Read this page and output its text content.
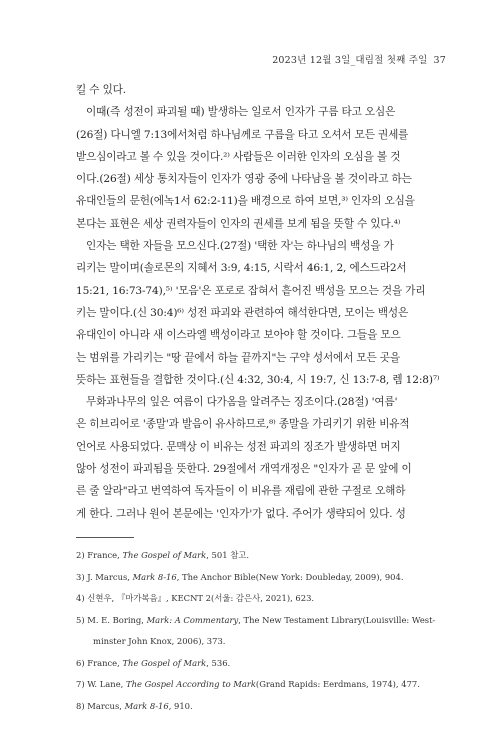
2023년 12월 3일_대림절 첫째 주일 37
킬 수 있다.
이때(즉 성전이 파괴될 때) 발생하는 일로서 인자가 구름 타고 오심은
(26절) 다니엘 7:13에서처럼 하나님께로 구름을 타고 오셔서 모든 권세를
받으심이라고 볼 수 있을 것이다.²⁾ 사람들은 이러한 인자의 오심을 볼 것
이다.(26절) 세상 통치자들이 인자가 영광 중에 나타남을 볼 것이라고 하는
유대인들의 문헌(에녹1서 62:2-11)을 배경으로 하여 보면,³⁾ 인자의 오심을
본다는 표현은 세상 권력자들이 인자의 권세를 보게 됨을 뜻할 수 있다.⁴⁾
인자는 택한 자들을 모으신다.(27절) '택한 자'는 하나님의 백성을 가
리키는 말이며(솔로몬의 지혜서 3:9, 4:15, 시락서 46:1, 2, 에스드라2서
15:21, 16:73-74),⁵⁾ '모음'은 포로로 잡혀서 흩어진 백성을 모으는 것을 가리
키는 말이다.(신 30:4)⁶⁾ 성전 파괴와 관련하여 해석한다면, 모이는 백성은
유대인이 아니라 새 이스라엘 백성이라고 보아야 할 것이다. 그들을 모으
는 범위를 가리키는 "땅 끝에서 하늘 끝까지"는 구약 성서에서 모든 곳을
뜻하는 표현들을 결합한 것이다.(신 4:32, 30:4, 시 19:7, 신 13:7-8, 렘 12:8)⁷⁾
무화과나무의 잎은 여름이 다가옴을 알려주는 징조이다.(28절) '여름'
은 히브리어로 '종말'과 발음이 유사하므로,⁸⁾ 종말을 가리키기 위한 비유적
언어로 사용되었다. 문맥상 이 비유는 성전 파괴의 징조가 발생하면 머지
않아 성전이 파괴됨을 뜻한다. 29절에서 개역개정은 "인자가 곧 문 앞에 이
른 줄 알라"라고 번역하여 독자들이 이 비유를 재림에 관한 구절로 오해하
게 한다. 그러나 원어 본문에는 '인자가'가 없다. 주어가 생략되어 있다. 성
2) France, The Gospel of Mark, 501 참고.
3) J. Marcus, Mark 8-16, The Anchor Bible(New York: Doubleday, 2009), 904.
4) 신현우, 『마가복음』, KECNT 2(서울: 감은사, 2021), 623.
5) M. E. Boring, Mark: A Commentary, The New Testament Library(Louisville: West-
minster John Knox, 2006), 373.
6) France, The Gospel of Mark, 536.
7) W. Lane, The Gospel According to Mark(Grand Rapids: Eerdmans, 1974), 477.
8) Marcus, Mark 8-16, 910.
